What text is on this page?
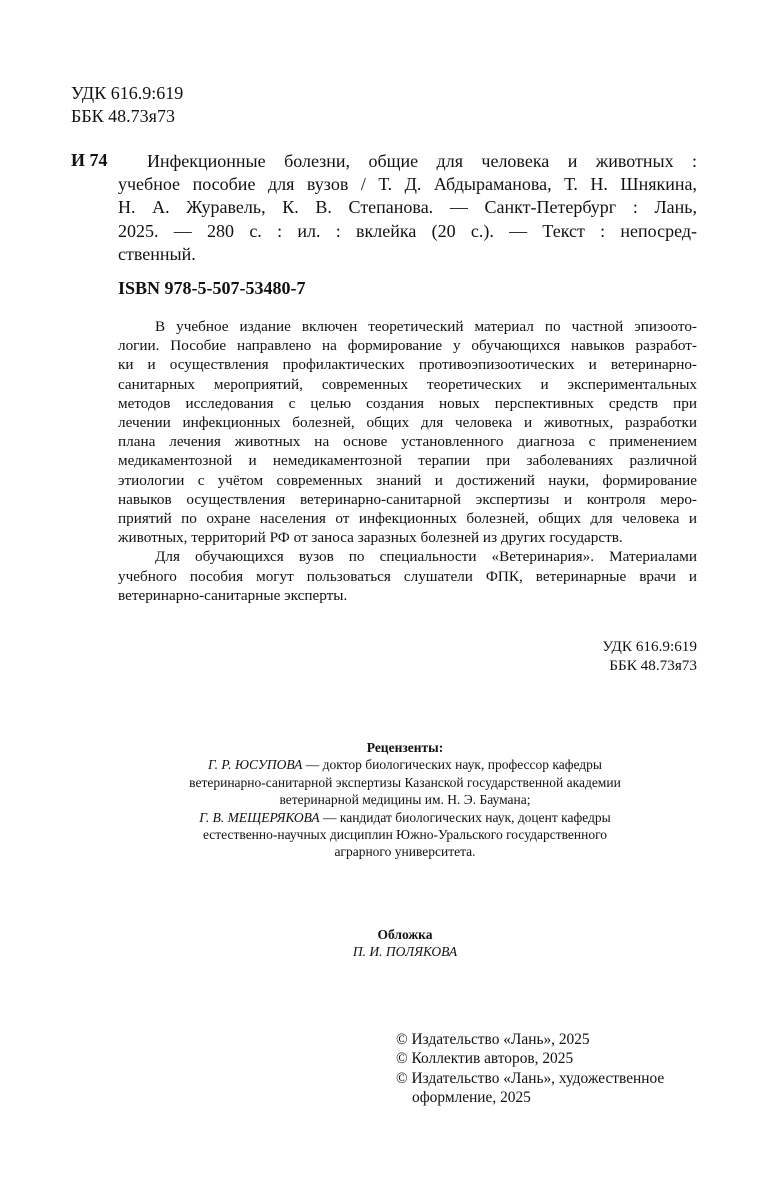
УДК 616.9:619
ББК 48.73я73
И 74	Инфекционные болезни, общие для человека и животных :
учебное пособие для вузов / Т. Д. Абдыраманова, Т. Н. Шнякина,
Н. А. Журавель, К. В. Степанова. — Санкт-Петербург : Лань,
2025. — 280 с. : ил. : вклейка (20 с.). — Текст : непосред-
ственный.
ISBN 978-5-507-53480-7
В учебное издание включен теоретический материал по частной эпизоото-
логии. Пособие направлено на формирование у обучающихся навыков разработ-
ки и осуществления профилактических противоэпизоотических и ветеринарно-
санитарных мероприятий, современных теоретических и экспериментальных
методов исследования с целью создания новых перспективных средств при
лечении инфекционных болезней, общих для человека и животных, разработки
плана лечения животных на основе установленного диагноза с применением
медикаментозной и немедикаментозной терапии при заболеваниях различной
этиологии с учётом современных знаний и достижений науки, формирование
навыков осуществления ветеринарно-санитарной экспертизы и контроля меро-
приятий по охране населения от инфекционных болезней, общих для человека и
животных, территорий РФ от заноса заразных болезней из других государств.
Для обучающихся вузов по специальности «Ветеринария». Материалами
учебного пособия могут пользоваться слушатели ФПК, ветеринарные врачи и
ветеринарно-санитарные эксперты.
УДК 616.9:619
ББК 48.73я73
Рецензенты:
Г. Р. ЮСУПОВА — доктор биологических наук, профессор кафедры
ветеринарно-санитарной экспертизы Казанской государственной академии
ветеринарной медицины им. Н. Э. Баумана;
Г. В. МЕЩЕРЯКОВА — кандидат биологических наук, доцент кафедры
естественно-научных дисциплин Южно-Уральского государственного
аграрного университета.
Обложка
П. И. ПОЛЯКОВА
© Издательство «Лань», 2025
© Коллектив авторов, 2025
© Издательство «Лань», художественное
оформление, 2025
